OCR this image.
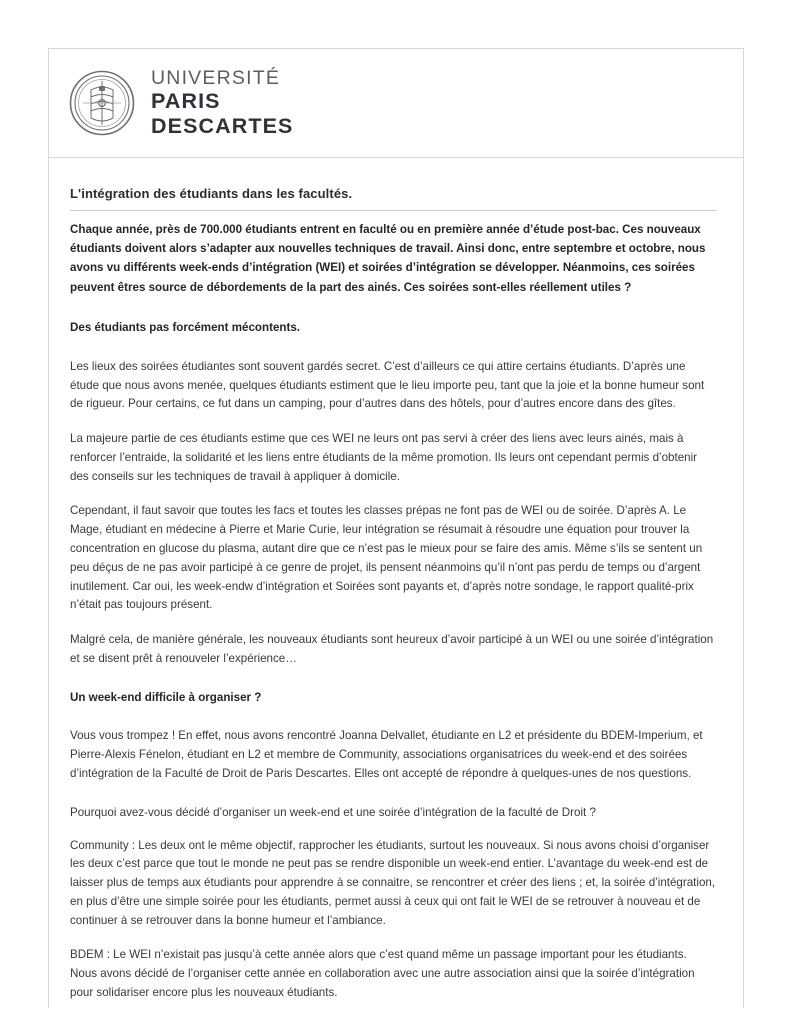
UNIVERSITÉ
PARIS
DESCARTES
L'intégration des étudiants dans les facultés.

Chaque année, près de 700.000 étudiants entrent en faculté ou en première année d’étude post-bac. Ces nouveaux étudiants doivent alors s’adapter aux nouvelles techniques de travail. Ainsi donc, entre septembre et octobre, nous avons vu différents week-ends d’intégration (WEI) et soirées d’intégration se développer. Néanmoins, ces soirées peuvent êtres source de débordements de la part des ainés. Ces soirées sont-elles réellement utiles ?

Des étudiants pas forcément mécontents.

Les lieux des soirées étudiantes sont souvent gardés secret. C’est d’ailleurs ce qui attire certains étudiants. D’après une étude que nous avons menée, quelques étudiants estiment que le lieu importe peu, tant que la joie et la bonne humeur sont de rigueur. Pour certains, ce fut dans un camping, pour d’autres dans des hôtels, pour d’autres encore dans des gîtes.

La majeure partie de ces étudiants estime que ces WEI ne leurs ont pas servi à créer des liens avec leurs ainés, mais à renforcer l’entraide, la solidarité et les liens entre étudiants de la même promotion. Ils leurs ont cependant permis d’obtenir des conseils sur les techniques de travail à appliquer à domicile.

Cependant, il faut savoir que toutes les facs et toutes les classes prépas ne font pas de WEI ou de soirée. D’après A. Le Mage, étudiant en médecine à Pierre et Marie Curie, leur intégration se résumait à résoudre une équation pour trouver la concentration en glucose du plasma, autant dire que ce n’est pas le mieux pour se faire des amis. Même s’ils se sentent un peu déçus de ne pas avoir participé à ce genre de projet, ils pensent néanmoins qu’il n’ont pas perdu de temps ou d’argent inutilement. Car oui, les week-endw d’intégration et Soirées sont payants et, d’après notre sondage, le rapport qualité-prix n’était pas toujours présent.

Malgré cela, de manière générale, les nouveaux étudiants sont heureux d’avoir participé à un WEI ou une soirée d’intégration et se disent prêt à renouveler l’expérience…

Un week-end difficile à organiser ?

Vous vous trompez ! En effet, nous avons rencontré Joanna Delvallet, étudiante en L2 et présidente du BDEM-Imperium, et Pierre-Alexis Fénelon, étudiant en L2 et membre de Community, associations organisatrices du week-end et des soirées d’intégration de la Faculté de Droit de Paris Descartes. Elles ont accepté de répondre à quelques-unes de nos questions.

Pourquoi avez-vous décidé d’organiser un week-end et une soirée d’intégration de la faculté de Droit ?

Community : Les deux ont le même objectif, rapprocher les étudiants, surtout les nouveaux. Si nous avons choisi d’organiser les deux c’est parce que tout le monde ne peut pas se rendre disponible un week-end entier. L’avantage du week-end est de laisser plus de temps aux étudiants pour apprendre à se connaitre, se rencontrer et créer des liens ; et, la soirée d’intégration, en plus d’être une simple soirée pour les étudiants, permet aussi à ceux qui ont fait le WEI de se retrouver à nouveau et de continuer à se retrouver dans la bonne humeur et l’ambiance.

BDEM : Le WEI n’existait pas jusqu’à cette année alors que c’est quand même un passage important pour les étudiants. Nous avons décidé de l’organiser cette année en collaboration avec une autre association ainsi que la soirée d’intégration pour solidariser encore plus les nouveaux étudiants.
